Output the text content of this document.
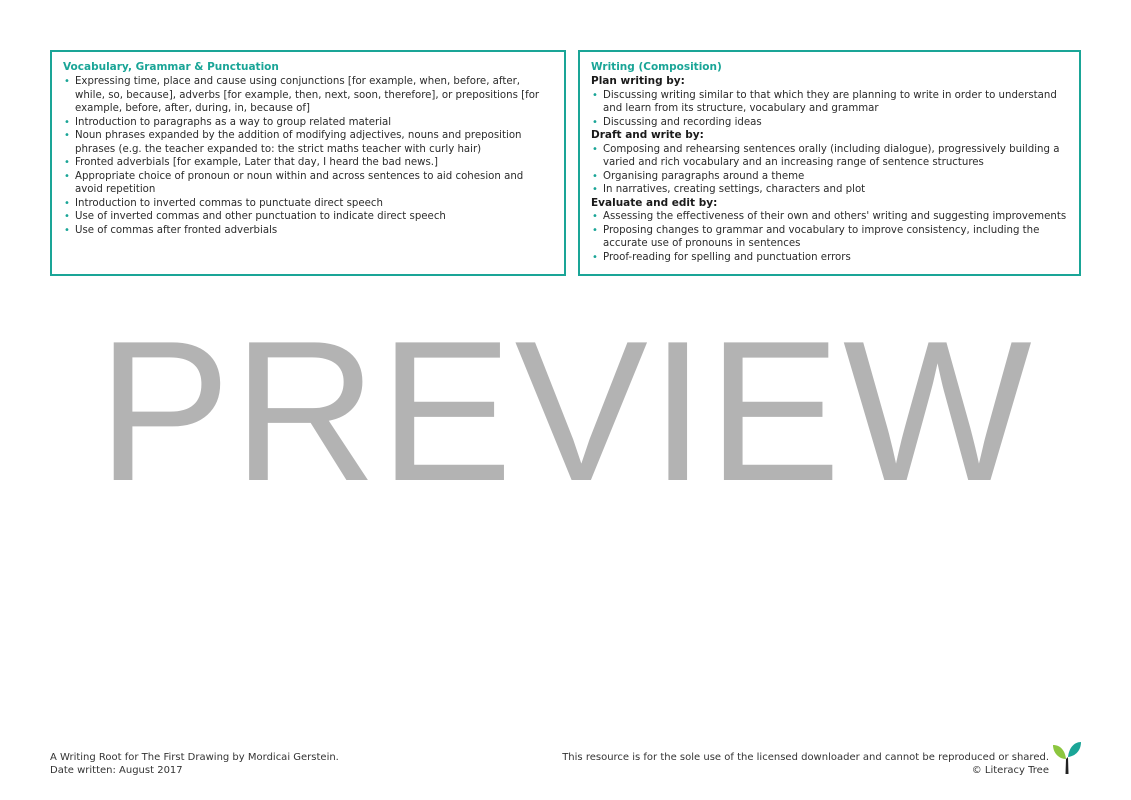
Vocabulary, Grammar & Punctuation
• Expressing time, place and cause using conjunctions [for example, when, before, after, while, so, because], adverbs [for example, then, next, soon, therefore], or prepositions [for example, before, after, during, in, because of]
• Introduction to paragraphs as a way to group related material
• Noun phrases expanded by the addition of modifying adjectives, nouns and preposition phrases (e.g. the teacher expanded to: the strict maths teacher with curly hair)
• Fronted adverbials [for example, Later that day, I heard the bad news.]
• Appropriate choice of pronoun or noun within and across sentences to aid cohesion and avoid repetition
• Introduction to inverted commas to punctuate direct speech
• Use of inverted commas and other punctuation to indicate direct speech
• Use of commas after fronted adverbials
Writing (Composition)
Plan writing by:
• Discussing writing similar to that which they are planning to write in order to understand and learn from its structure, vocabulary and grammar
• Discussing and recording ideas
Draft and write by:
• Composing and rehearsing sentences orally (including dialogue), progressively building a varied and rich vocabulary and an increasing range of sentence structures
• Organising paragraphs around a theme
• In narratives, creating settings, characters and plot
Evaluate and edit by:
• Assessing the effectiveness of their own and others' writing and suggesting improvements
• Proposing changes to grammar and vocabulary to improve consistency, including the accurate use of pronouns in sentences
• Proof-reading for spelling and punctuation errors
PREVIEW
A Writing Root for The First Drawing by Mordicai Gerstein.
Date written: August 2017
This resource is for the sole use of the licensed downloader and cannot be reproduced or shared.
© Literacy Tree
